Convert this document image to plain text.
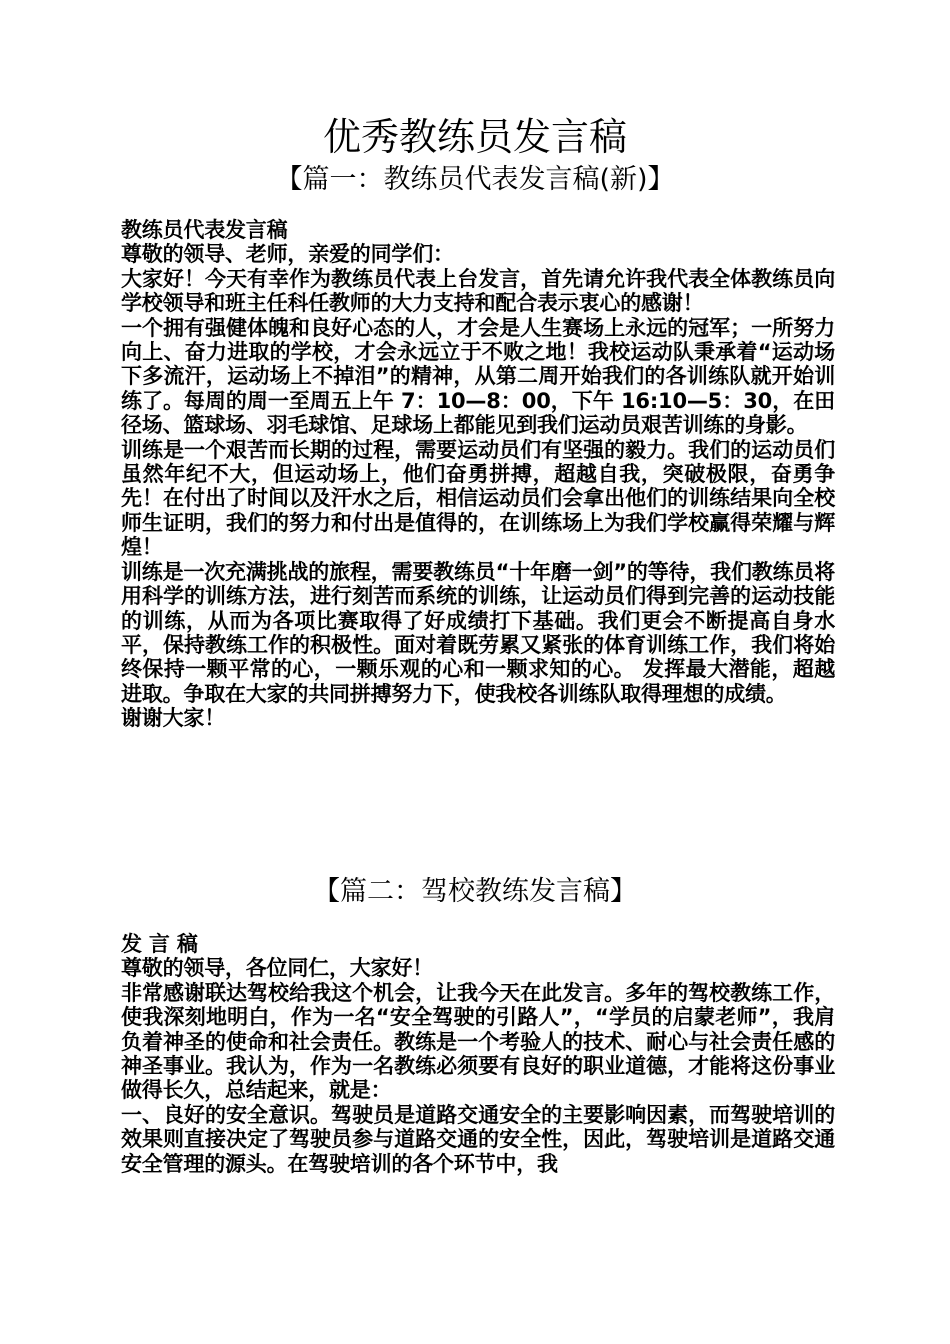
优秀教练员发言稿
【篇一：教练员代表发言稿(新)】

教练员代表发言稿

尊敬的领导、老师，亲爱的同学们：

大家好！今天有幸作为教练员代表上台发言，首先请允许我代表全体教练员向学校领导和班主任科任教师的大力支持和配合表示衷心的感谢！

一个拥有强健体魄和良好心态的人，才会是人生赛场上永远的冠军；一所努力向上、奋力进取的学校，才会永远立于不败之地！我校运动队秉承着“运动场下多流汗，运动场上不掉泪”的精神，从第二周开始我们的各训练队就开始训练了。每周的周一至周五上午 7：10—8：00，下午 16:10—5：30，在田径场、篮球场、羽毛球馆、足球场上都能见到我们运动员艰苦训练的身影。

训练是一个艰苦而长期的过程，需要运动员们有坚强的毅力。我们的运动员们虽然年纪不大，但运动场上，他们奋勇拼搏，超越自我，突破极限，奋勇争先！在付出了时间以及汗水之后，相信运动员们会拿出他们的训练结果向全校师生证明，我们的努力和付出是值得的，在训练场上为我们学校赢得荣耀与辉煌！

训练是一次充满挑战的旅程，需要教练员“十年磨一剑”的等待，我们教练员将用科学的训练方法，进行刻苦而系统的训练，让运动员们得到完善的运动技能的训练，从而为各项比赛取得了好成绩打下基础。我们更会不断提高自身水平，保持教练工作的积极性。面对着既劳累又紧张的体育训练工作，我们将始终保持一颗平常的心，一颗乐观的心和一颗求知的心。 发挥最大潜能，超越进取。争取在大家的共同拼搏努力下，使我校各训练队取得理想的成绩。

谢谢大家！

【篇二：驾校教练发言稿】

发 言 稿

尊敬的领导，各位同仁，大家好！

非常感谢联达驾校给我这个机会，让我今天在此发言。多年的驾校教练工作，使我深刻地明白，作为一名“安全驾驶的引路人”，“学员的启蒙老师”，我肩负着神圣的使命和社会责任。教练是一个考验人的技术、耐心与社会责任感的神圣事业。我认为，作为一名教练必须要有良好的职业道德，才能将这份事业做得长久，总结起来，就是：

一、良好的安全意识。驾驶员是道路交通安全的主要影响因素，而驾驶培训的效果则直接决定了驾驶员参与道路交通的安全性，因此，驾驶培训是道路交通安全管理的源头。在驾驶培训的各个环节中，我
